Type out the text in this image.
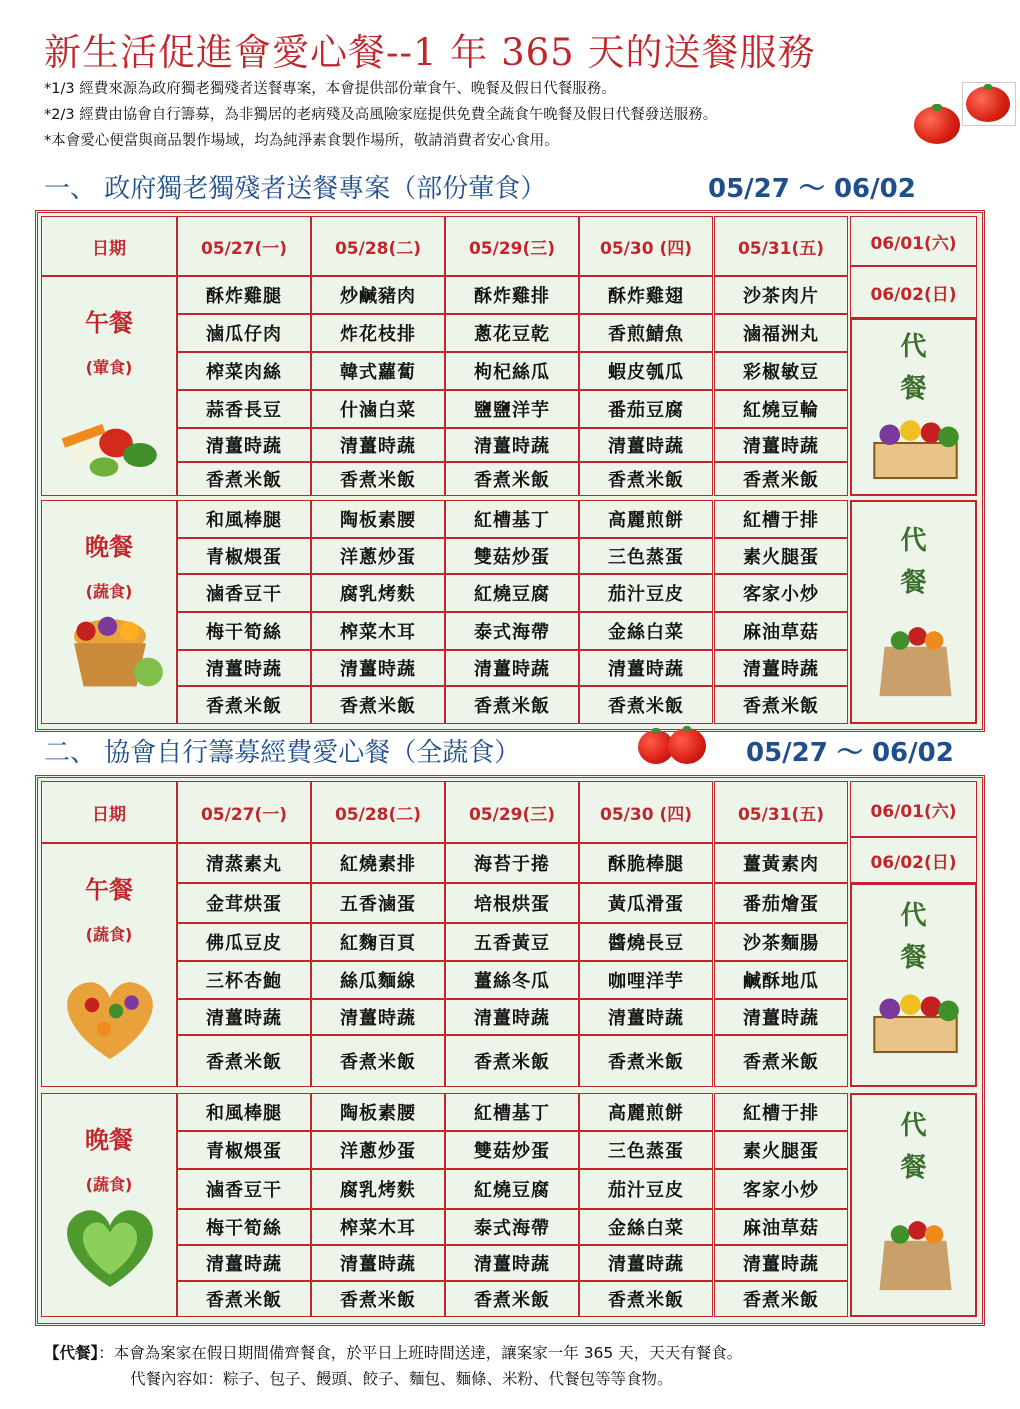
新生活促進會愛心餐--1 年 365 天的送餐服務
*1/3 經費來源為政府獨老獨殘者送餐專案，本會提供部份葷食午、晚餐及假日代餐服務。
*2/3 經費由協會自行籌募，為非獨居的老病殘及高風險家庭提供免費全蔬食午晚餐及假日代餐發送服務。
*本會愛心便當與商品製作場域，均為純淨素食製作場所，敬請消費者安心食用。
一、 政府獨老獨殘者送餐專案（部份葷食）	05/27 ～ 06/02
日期	05/27(一)	05/28(二)	05/29(三)	05/30 (四)	05/31(五)	06/01(六)
06/02(日)
午餐
(葷食)
酥炸雞腿	炒鹹豬肉	酥炸雞排	酥炸雞翅	沙茶肉片
滷瓜仔肉	炸花枝排	蔥花豆乾	香煎鯖魚	滷福洲丸
榨菜肉絲	韓式蘿蔔	枸杞絲瓜	蝦皮瓠瓜	彩椒敏豆
蒜香長豆	什滷白菜	鹽鹽洋芋	番茄豆腐	紅燒豆輪
清薑時蔬	清薑時蔬	清薑時蔬	清薑時蔬	清薑時蔬
香煮米飯	香煮米飯	香煮米飯	香煮米飯	香煮米飯
代
餐
晚餐
(蔬食)
和風棒腿	陶板素腰	紅槽基丁	高麗煎餅	紅槽于排
青椒煨蛋	洋蔥炒蛋	雙菇炒蛋	三色蒸蛋	素火腿蛋
滷香豆干	腐乳烤麩	紅燒豆腐	茄汁豆皮	客家小炒
梅干筍絲	榨菜木耳	泰式海帶	金絲白菜	麻油草菇
清薑時蔬	清薑時蔬	清薑時蔬	清薑時蔬	清薑時蔬
香煮米飯	香煮米飯	香煮米飯	香煮米飯	香煮米飯
代
餐
二、 協會自行籌募經費愛心餐（全蔬食）	05/27 ～ 06/02
日期	05/27(一)	05/28(二)	05/29(三)	05/30 (四)	05/31(五)	06/01(六)
06/02(日)
午餐
(蔬食)
清蒸素丸	紅燒素排	海苔于捲	酥脆棒腿	薑黃素肉
金茸烘蛋	五香滷蛋	培根烘蛋	黃瓜滑蛋	番茄燴蛋
佛瓜豆皮	紅麴百頁	五香黃豆	醬燒長豆	沙茶麵腸
三杯杏鮑	絲瓜麵線	薑絲冬瓜	咖哩洋芋	鹹酥地瓜
清薑時蔬	清薑時蔬	清薑時蔬	清薑時蔬	清薑時蔬
香煮米飯	香煮米飯	香煮米飯	香煮米飯	香煮米飯
代
餐
晚餐
(蔬食)
和風棒腿	陶板素腰	紅槽基丁	高麗煎餅	紅槽于排
青椒煨蛋	洋蔥炒蛋	雙菇炒蛋	三色蒸蛋	素火腿蛋
滷香豆干	腐乳烤麩	紅燒豆腐	茄汁豆皮	客家小炒
梅干筍絲	榨菜木耳	泰式海帶	金絲白菜	麻油草菇
清薑時蔬	清薑時蔬	清薑時蔬	清薑時蔬	清薑時蔬
香煮米飯	香煮米飯	香煮米飯	香煮米飯	香煮米飯
代
餐
【代餐】：本會為案家在假日期間備齊餐食，於平日上班時間送達，讓案家一年 365 天，天天有餐食。
代餐內容如：粽子、包子、饅頭、餃子、麵包、麵條、米粉、代餐包等等食物。
